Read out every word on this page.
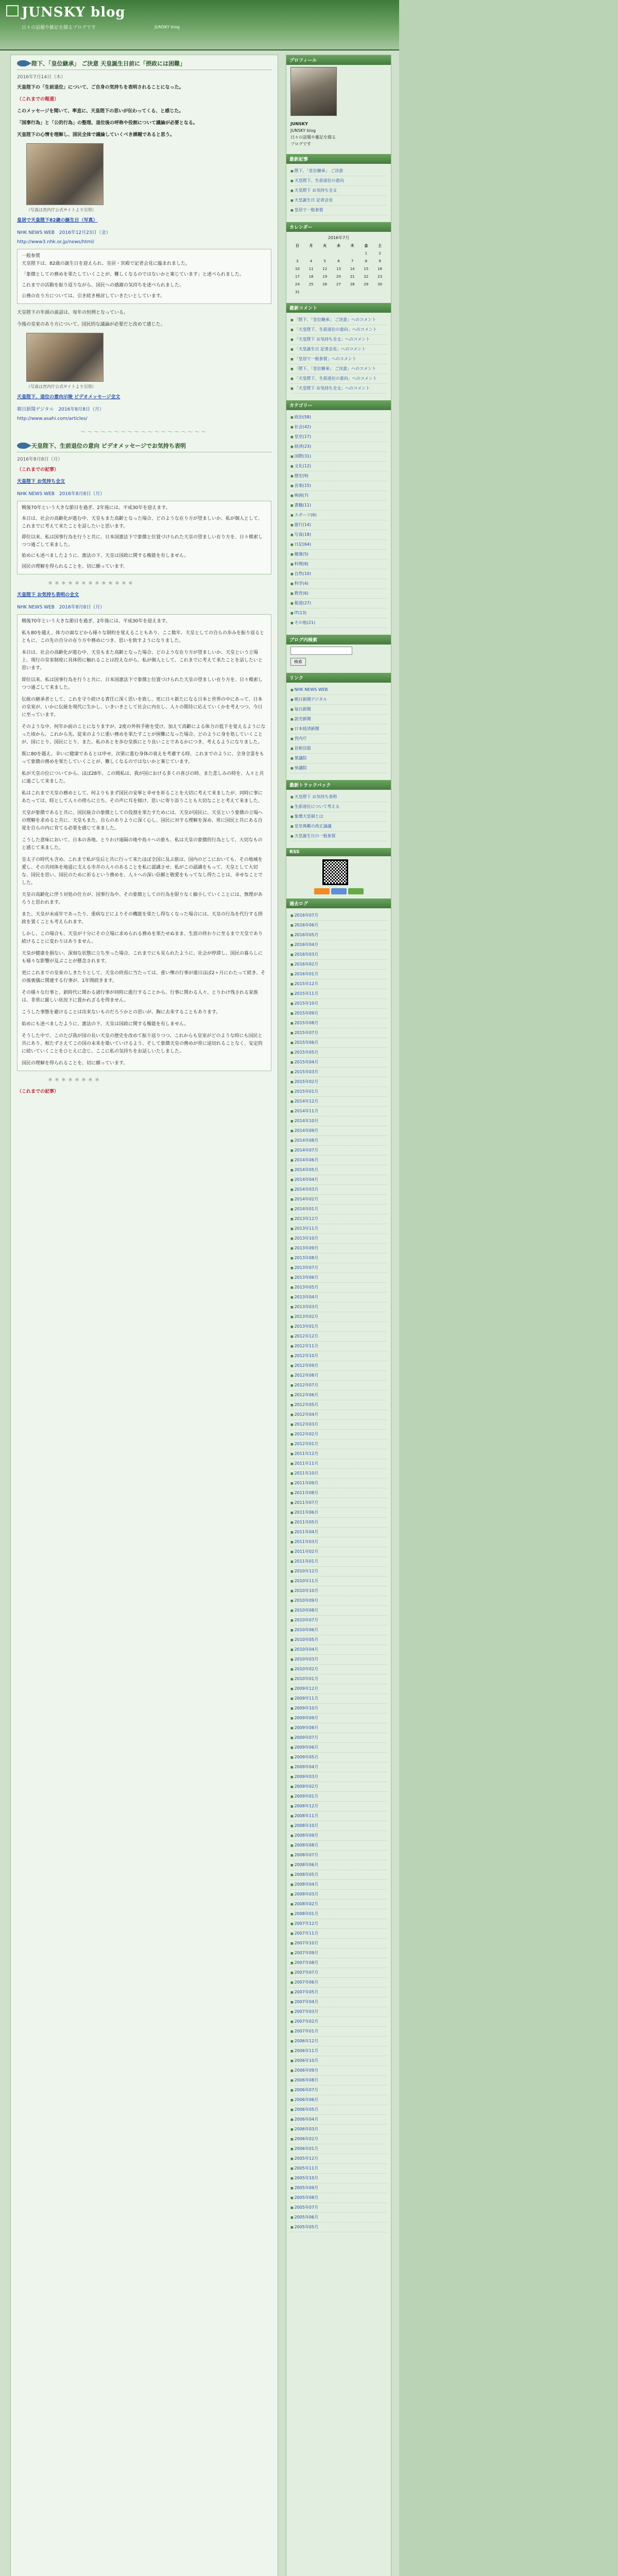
JUNSKY blog
日々の話題や雑記を綴るブログです	JUNSKY blog
陛下、「皇位継承」 ご決意 天皇誕生日前に「摂政には困難」
2016年7月14日（木）
天皇陛下の「生前退位」について、ご自身の気持ちを表明されることになった。
（これまでの報道）
このメッセージを聞いて、率直に、天皇陛下の思いが伝わってくる、と感じた。
「国事行為」と「公的行為」の整理、退位後の呼称や役割について議論が必要となる。
天皇陛下の心情を理解し、国民全体で議論していくべき課題であると思う。
（写真は宮内庁公式サイトより引用）
皇居で天皇陛下82歳の誕生日（写真）
NHK NEWS WEB　2016年12月23日（金）
http://www3.nhk.or.jp/news/html/
一般参賀
天皇陛下は、82歳の誕生日を迎えられ、皇居・宮殿で記者会見に臨まれました。
「象徴としての務めを果たしていくことが、難しくなるのではないかと案じています」と述べられました。
これまでの活動を振り返りながら、国民への感謝の気持ちを述べられました。
公務の在り方については、引き続き検討していきたいとしています。
天皇陛下の年頭の談話は、毎年の恒例となっている。
今後の皇室のあり方について、国民的な議論が必要だと改めて感じた。
（写真は宮内庁公式サイトより引用）
天皇陛下、退位の意向示唆 ビデオメッセージ全文
朝日新聞デジタル　2016年8月8日（月）
http://www.asahi.com/articles/
～～～～～～～～～～～～～～～～～～～
天皇陛下、生前退位の意向 ビデオメッセージでお気持ち表明
2016年8月8日（月）
（これまでの記事）
天皇陛下 お気持ち全文
NHK NEWS WEB　2016年8月8日（月）
戦後70年という大きな節目を過ぎ、2年後には、平成30年を迎えます。
本日は、社会の高齢化が進む中、天皇もまた高齢となった場合、どのような在り方が望ましいか、私が個人として、これまでに考えて来たことを話したいと思います。
即位以来、私は国事行為を行うと共に、日本国憲法下で象徴と位置づけられた天皇の望ましい在り方を、日々模索しつつ過ごして来ました。
始めにも述べましたように、憲法の下、天皇は国政に関する権能を有しません。
国民の理解を得られることを、切に願っています。
＊＊＊＊＊＊＊＊＊＊＊＊＊
天皇陛下 お気持ち表明の全文
NHK NEWS WEB　2016年8月8日（月）
戦後70年という大きな節目を過ぎ、2年後には、平成30年を迎えます。
私も80を越え、体力の面などから様々な制約を覚えることもあり、ここ数年、天皇としての自らの歩みを振り返るとともに、この先の自分の在り方や務めにつき、思いを致すようになりました。
本日は、社会の高齢化が進む中、天皇もまた高齢となった場合、どのような在り方が望ましいか、天皇という立場上、現行の皇室制度に具体的に触れることは控えながら、私が個人として、これまでに考えて来たことを話したいと思います。
即位以来、私は国事行為を行うと共に、日本国憲法下で象徴と位置づけられた天皇の望ましい在り方を、日々模索しつつ過ごして来ました。
伝統の継承者として、これを守り続ける責任に深く思いを致し、更に日々新たになる日本と世界の中にあって、日本の皇室が、いかに伝統を現代に生かし、いきいきとして社会に内在し、人々の期待に応えていくかを考えつつ、今日に至っています。
そのような中、何年か前のことになりますが、2度の外科手術を受け、加えて高齢による体力の低下を覚えるようになった頃から、これから先、従来のように重い務めを果たすことが困難になった場合、どのように身を処していくことが、国にとり、国民にとり、また、私のあとを歩む皇族にとり良いことであるかにつき、考えるようになりました。
既に80を越え、幸いに健康であるとは申せ、次第に進む身体の衰えを考慮する時、これまでのように、全身全霊をもって象徴の務めを果たしていくことが、難しくなるのではないかと案じています。
私が天皇の位についてから、ほぼ28年、この間私は、我が国における多くの喜びの時、また悲しみの時を、人々と共に過ごして来ました。
私はこれまで天皇の務めとして、何よりもまず国民の安寧と幸せを祈ることを大切に考えて来ましたが、同時に事にあたっては、時として人々の傍らに立ち、その声に耳を傾け、思いに寄り添うことも大切なことと考えて来ました。
天皇が象徴であると共に、国民統合の象徴としての役割を果たすためには、天皇が国民に、天皇という象徴の立場への理解を求めると共に、天皇もまた、自らのありように深く心し、国民に対する理解を深め、常に国民と共にある自覚を自らの内に育てる必要を感じて来ました。
こうした意味において、日本の各地、とりわけ遠隔の地や島々への旅も、私は天皇の象徴的行為として、大切なものと感じて来ました。
皇太子の時代も含め、これまで私が皇后と共に行って来たほぼ全国に及ぶ旅は、国内のどこにおいても、その地域を愛し、その共同体を地道に支える市井の人々のあることを私に認識させ、私がこの認識をもって、天皇として大切な、国民を思い、国民のために祈るという務めを、人々への深い信頼と敬愛をもってなし得たことは、幸せなことでした。
天皇の高齢化に伴う対処の仕方が、国事行為や、その象徴としての行為を限りなく縮小していくことには、無理があろうと思われます。
また、天皇が未成年であったり、重病などによりその機能を果たし得なくなった場合には、天皇の行為を代行する摂政を置くことも考えられます。
しかし、この場合も、天皇が十分にその立場に求められる務めを果たせぬまま、生涯の終わりに至るまで天皇であり続けることに変わりはありません。
天皇が健康を損ない、深刻な状態に立ち至った場合、これまでにも見られたように、社会が停滞し、国民の暮らしにも様々な影響が及ぶことが懸念されます。
更にこれまでの皇室のしきたりとして、天皇の終焉に当たっては、重い殯の行事が連日ほぼ2ヶ月にわたって続き、その後喪儀に関連する行事が、1年間続きます。
その様々な行事と、新時代に関わる諸行事が同時に進行することから、行事に関わる人々、とりわけ残される家族は、非常に厳しい状況下に置かれざるを得ません。
こうした事態を避けることは出来ないものだろうかとの思いが、胸に去来することもあります。
始めにも述べましたように、憲法の下、天皇は国政に関する権能を有しません。
そうした中で、このたび我が国の長い天皇の歴史を改めて振り返りつつ、これからも皇室がどのような時にも国民と共にあり、相たずさえてこの国の未来を築いていけるよう、そして象徴天皇の務めが常に途切れることなく、安定的に続いていくことをひとえに念じ、ここに私の気持ちをお話しいたしました。
国民の理解を得られることを、切に願っています。
＊＊＊＊＊＊＊＊
（これまでの記事）
プロフィール
JUNSKY
JUNSKY blog
日々の話題や雑記を綴る
ブログです
最新記事
■ 陛下、「皇位継承」 ご決意
■ 天皇陛下、生前退位の意向
■ 天皇陛下 お気持ち全文
■ 天皇誕生日 記者会見
■ 皇居で一般参賀
カレンダー
2016年7月
日	月	火	水	木	金	土
					1	2
3	4	5	6	7	8	9
10	11	12	13	14	15	16
17	18	19	20	21	22	23
24	25	26	27	28	29	30
31						
最新コメント
■ 「陛下、「皇位継承」 ご決意」へのコメント
■ 「天皇陛下、生前退位の意向」へのコメント
■ 「天皇陛下 お気持ち全文」へのコメント
■ 「天皇誕生日 記者会見」へのコメント
■ 「皇居で一般参賀」へのコメント
■ 「陛下、「皇位継承」 ご決意」へのコメント
■ 「天皇陛下、生前退位の意向」へのコメント
■ 「天皇陛下 お気持ち全文」へのコメント
カテゴリー
■ 政治(58)
■ 社会(42)
■ 皇室(17)
■ 経済(23)
■ 国際(31)
■ 文化(12)
■ 歴史(9)
■ 音楽(15)
■ 映画(7)
■ 書籍(11)
■ スポーツ(6)
■ 旅行(14)
■ 写真(18)
■ 日記(64)
■ 健康(5)
■ 料理(8)
■ 自然(10)
■ 科学(4)
■ 教育(6)
■ 報道(27)
■ IT(13)
■ その他(21)
ブログ内検索
検索
リンク
■ NHK NEWS WEB
■ 朝日新聞デジタル
■ 毎日新聞
■ 読売新聞
■ 日本経済新聞
■ 宮内庁
■ 首相官邸
■ 衆議院
■ 参議院
最新トラックバック
■ 天皇陛下 お気持ち表明
■ 生前退位について考える
■ 象徴天皇制とは
■ 皇室典範の改正論議
■ 天皇誕生日の一般参賀
RSS
過去ログ
■ 2016年07月
■ 2016年06月
■ 2016年05月
■ 2016年04月
■ 2016年03月
■ 2016年02月
■ 2016年01月
■ 2015年12月
■ 2015年11月
■ 2015年10月
■ 2015年09月
■ 2015年08月
■ 2015年07月
■ 2015年06月
■ 2015年05月
■ 2015年04月
■ 2015年03月
■ 2015年02月
■ 2015年01月
■ 2014年12月
■ 2014年11月
■ 2014年10月
■ 2014年09月
■ 2014年08月
■ 2014年07月
■ 2014年06月
■ 2014年05月
■ 2014年04月
■ 2014年03月
■ 2014年02月
■ 2014年01月
■ 2013年12月
■ 2013年11月
■ 2013年10月
■ 2013年09月
■ 2013年08月
■ 2013年07月
■ 2013年06月
■ 2013年05月
■ 2013年04月
■ 2013年03月
■ 2013年02月
■ 2013年01月
■ 2012年12月
■ 2012年11月
■ 2012年10月
■ 2012年09月
■ 2012年08月
■ 2012年07月
■ 2012年06月
■ 2012年05月
■ 2012年04月
■ 2012年03月
■ 2012年02月
■ 2012年01月
■ 2011年12月
■ 2011年11月
■ 2011年10月
■ 2011年09月
■ 2011年08月
■ 2011年07月
■ 2011年06月
■ 2011年05月
■ 2011年04月
■ 2011年03月
■ 2011年02月
■ 2011年01月
■ 2010年12月
■ 2010年11月
■ 2010年10月
■ 2010年09月
■ 2010年08月
■ 2010年07月
■ 2010年06月
■ 2010年05月
■ 2010年04月
■ 2010年03月
■ 2010年02月
■ 2010年01月
■ 2009年12月
■ 2009年11月
■ 2009年10月
■ 2009年09月
■ 2009年08月
■ 2009年07月
■ 2009年06月
■ 2009年05月
■ 2009年04月
■ 2009年03月
■ 2009年02月
■ 2009年01月
■ 2008年12月
■ 2008年11月
■ 2008年10月
■ 2008年09月
■ 2008年08月
■ 2008年07月
■ 2008年06月
■ 2008年05月
■ 2008年04月
■ 2008年03月
■ 2008年02月
■ 2008年01月
■ 2007年12月
■ 2007年11月
■ 2007年10月
■ 2007年09月
■ 2007年08月
■ 2007年07月
■ 2007年06月
■ 2007年05月
■ 2007年04月
■ 2007年03月
■ 2007年02月
■ 2007年01月
■ 2006年12月
■ 2006年11月
■ 2006年10月
■ 2006年09月
■ 2006年08月
■ 2006年07月
■ 2006年06月
■ 2006年05月
■ 2006年04月
■ 2006年03月
■ 2006年02月
■ 2006年01月
■ 2005年12月
■ 2005年11月
■ 2005年10月
■ 2005年09月
■ 2005年08月
■ 2005年07月
■ 2005年06月
■ 2005年05月
